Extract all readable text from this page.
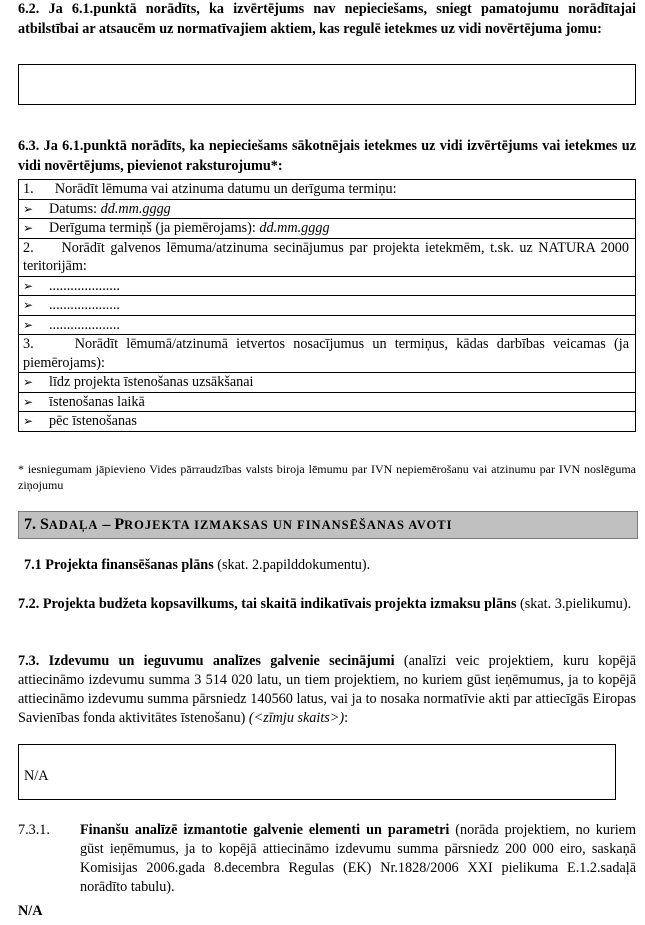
6.2. Ja 6.1.punktā norādīts, ka izvērtējums nav nepieciešams, sniegt pamatojumu norādītajai atbilstībai ar atsaucēm uz normatīvajiem aktiem, kas regulē ietekmes uz vidi novērtējuma jomu:
6.3. Ja 6.1.punktā norādīts, ka nepieciešams sākotnējais ietekmes uz vidi izvērtējums vai ietekmes uz vidi novērtējums, pievienot raksturojumu*:
1.      Norādīt lēmuma vai atzinuma datumu un derīguma termiņu:
➢ Datums: dd.mm.gggg
➢ Derīguma termiņš (ja piemērojams): dd.mm.gggg
2.     Norādīt galvenos lēmuma/atzinuma secinājumus par projekta ietekmēm, t.sk. uz NATURA 2000 teritorijām:
➢ ....................
➢ ....................
➢ ....................
3.     Norādīt lēmumā/atzinumā ietvertos nosacījumus un termiņus, kādas darbības veicamas (ja piemērojams):
➢ līdz projekta īstenošanas uzsākšanai
➢ īstenošanas laikā
➢ pēc īstenošanas
* iesniegumam jāpievieno Vides pārraudzības valsts biroja lēmumu par IVN nepiemērošanu vai atzinumu par IVN noslēguma ziņojumu
7. SADAĻA – PROJEKTA IZMAKSAS UN FINANSĒŠANAS AVOTI
7.1 Projekta finansēšanas plāns (skat. 2.papilddokumentu).
7.2. Projekta budžeta kopsavilkums, tai skaitā indikatīvais projekta izmaksu plāns (skat. 3.pielikumu).
7.3. Izdevumu un ieguvumu analīzes galvenie secinājumi (analīzi veic projektiem, kuru kopējā attiecināmo izdevumu summa 3 514 020 latu, un tiem projektiem, no kuriem gūst ieņēmumus, ja to kopējā attiecināmo izdevumu summa pārsniedz 140560 latus, vai ja to nosaka normatīvie akti par attiecīgās Eiropas Savienības fonda aktivitātes īstenošanu) (<zīmju skaits>):
N/A
7.3.1.	Finanšu analīzē izmantotie galvenie elementi un parametri (norāda projektiem, no kuriem gūst ieņēmumus, ja to kopējā attiecināmo izdevumu summa pārsniedz 200 000 eiro, saskaņā Komisijas 2006.gada 8.decembra Regulas (EK) Nr.1828/2006 XXI pielikuma E.1.2.sadaļā norādīto tabulu).
N/A
